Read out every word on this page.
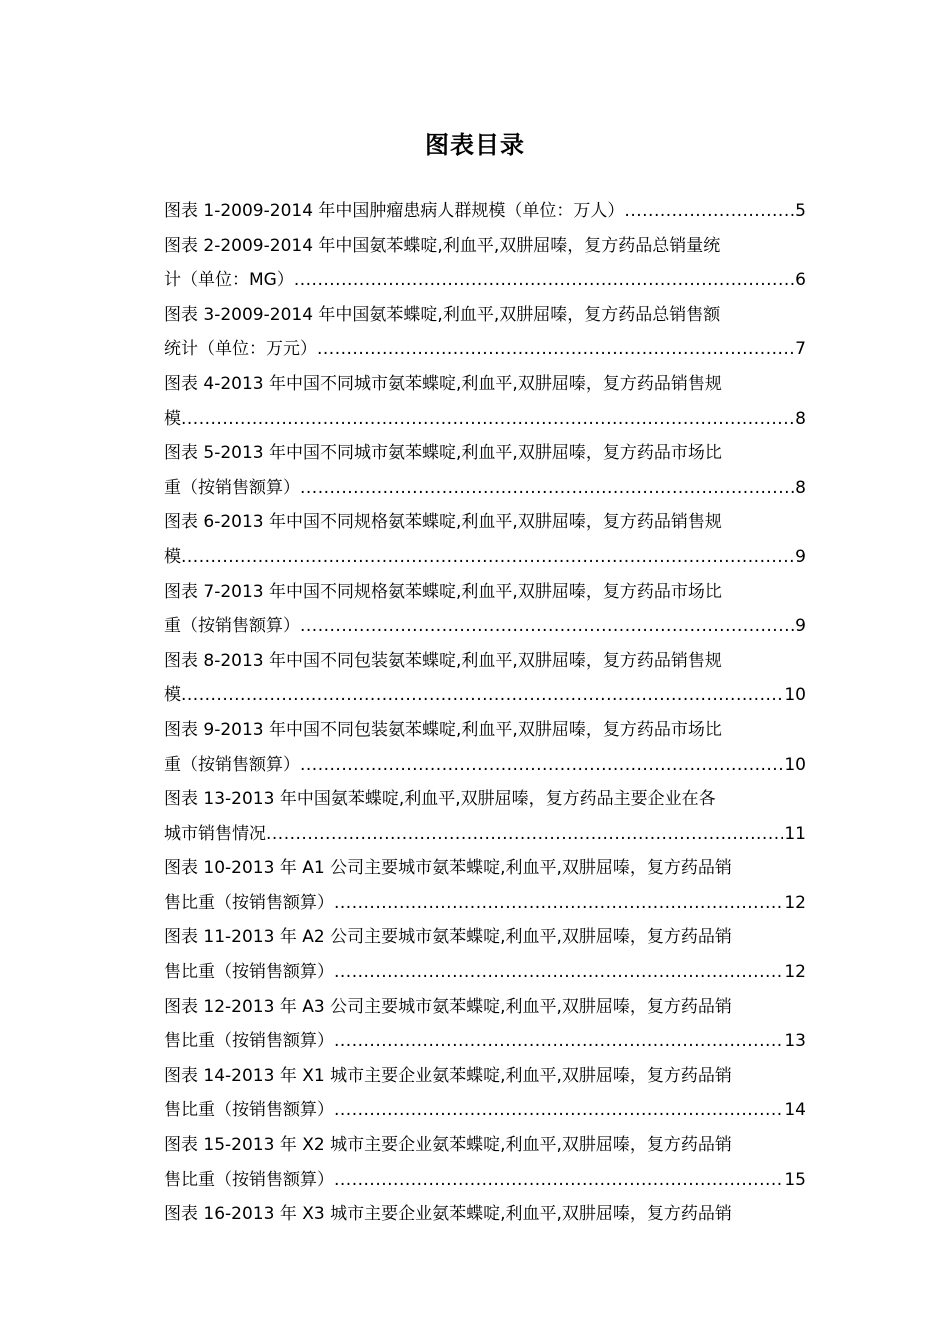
图表目录
图表 1-2009-2014 年中国肿瘤患病人群规模（单位：万人） .....	5
图表 2-2009-2014 年中国氨苯蝶啶,利血平,双肼屈嗪，复方药品总销量统
计（单位：MG） .....	6
图表 3-2009-2014 年中国氨苯蝶啶,利血平,双肼屈嗪，复方药品总销售额
统计（单位：万元） .....	7
图表 4-2013 年中国不同城市氨苯蝶啶,利血平,双肼屈嗪，复方药品销售规
模 .....	8
图表 5-2013 年中国不同城市氨苯蝶啶,利血平,双肼屈嗪，复方药品市场比
重（按销售额算） .....	8
图表 6-2013 年中国不同规格氨苯蝶啶,利血平,双肼屈嗪，复方药品销售规
模 .....	9
图表 7-2013 年中国不同规格氨苯蝶啶,利血平,双肼屈嗪，复方药品市场比
重（按销售额算） .....	9
图表 8-2013 年中国不同包装氨苯蝶啶,利血平,双肼屈嗪，复方药品销售规
模 .....	10
图表 9-2013 年中国不同包装氨苯蝶啶,利血平,双肼屈嗪，复方药品市场比
重（按销售额算） .....	10
图表 13-2013 年中国氨苯蝶啶,利血平,双肼屈嗪，复方药品主要企业在各
城市销售情况 .....	11
图表 10-2013 年 A1 公司主要城市氨苯蝶啶,利血平,双肼屈嗪，复方药品销
售比重（按销售额算） .....	12
图表 11-2013 年 A2 公司主要城市氨苯蝶啶,利血平,双肼屈嗪，复方药品销
售比重（按销售额算） .....	12
图表 12-2013 年 A3 公司主要城市氨苯蝶啶,利血平,双肼屈嗪，复方药品销
售比重（按销售额算） .....	13
图表 14-2013 年 X1 城市主要企业氨苯蝶啶,利血平,双肼屈嗪，复方药品销
售比重（按销售额算） .....	14
图表 15-2013 年 X2 城市主要企业氨苯蝶啶,利血平,双肼屈嗪，复方药品销
售比重（按销售额算） .....	15
图表 16-2013 年 X3 城市主要企业氨苯蝶啶,利血平,双肼屈嗪，复方药品销
